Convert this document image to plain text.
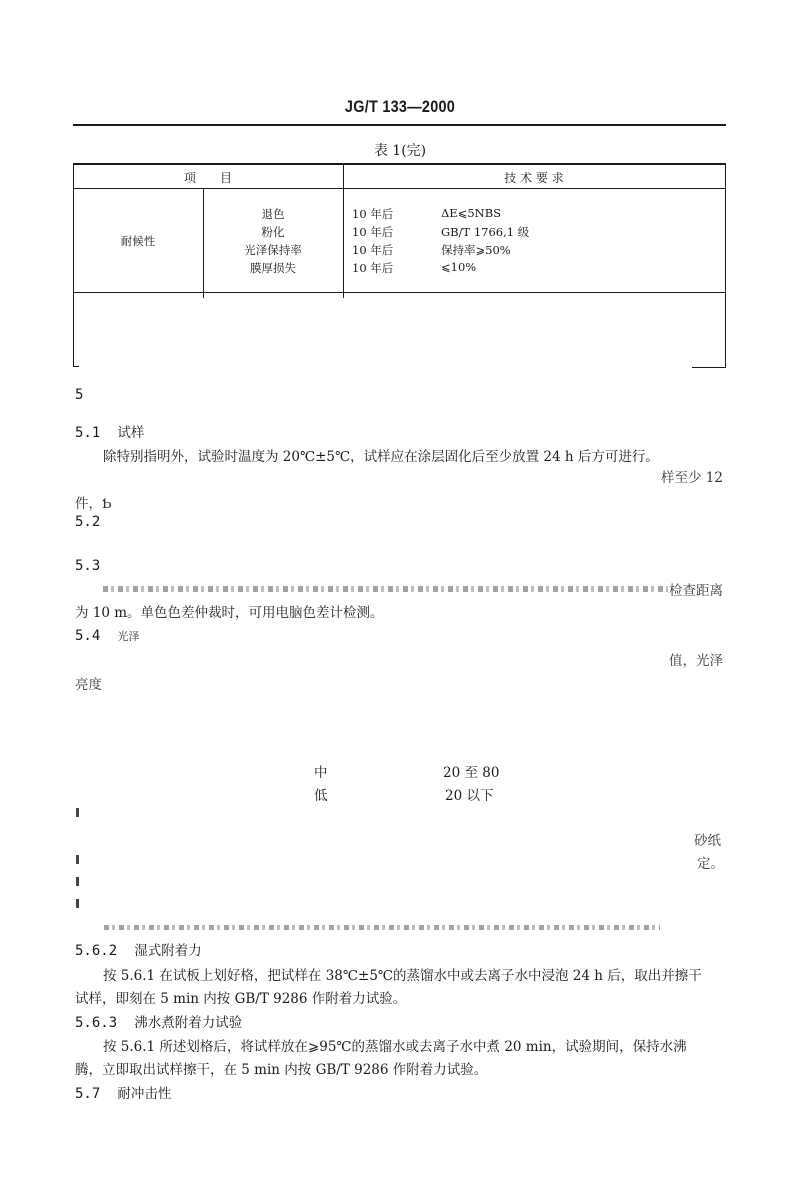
JG/T 133—2000
表 1(完)
项　　目	技 术 要 求
耐候性
退色	10 年后	ΔE⩽5NBS
粉化	10 年后	GB/T 1766,1 级
光泽保持率	10 年后	保持率⩾50%
膜厚损失	10 年后	⩽10%
5
5.1 试样
除特别指明外，试验时温度为 20℃±5℃，试样应在涂层固化后至少放置 24 h 后方可进行。
样至少 12
件，Ƅ
5.2
5.3
检查距离
为 10 m。单色色差仲裁时，可用电脑色差计检测。
5.4 光泽
值，光泽
亮度
中	20 至 80
低	20 以下
砂纸
定。
5.6.2 湿式附着力
按 5.6.1 在试板上划好格，把试样在 38℃±5℃的蒸馏水中或去离子水中浸泡 24 h 后，取出并擦干
试样，即刻在 5 min 内按 GB/T 9286 作附着力试验。
5.6.3 沸水煮附着力试验
按 5.6.1 所述划格后，将试样放在⩾95℃的蒸馏水或去离子水中煮 20 min，试验期间，保持水沸
腾，立即取出试样擦干，在 5 min 内按 GB/T 9286 作附着力试验。
5.7 耐冲击性
